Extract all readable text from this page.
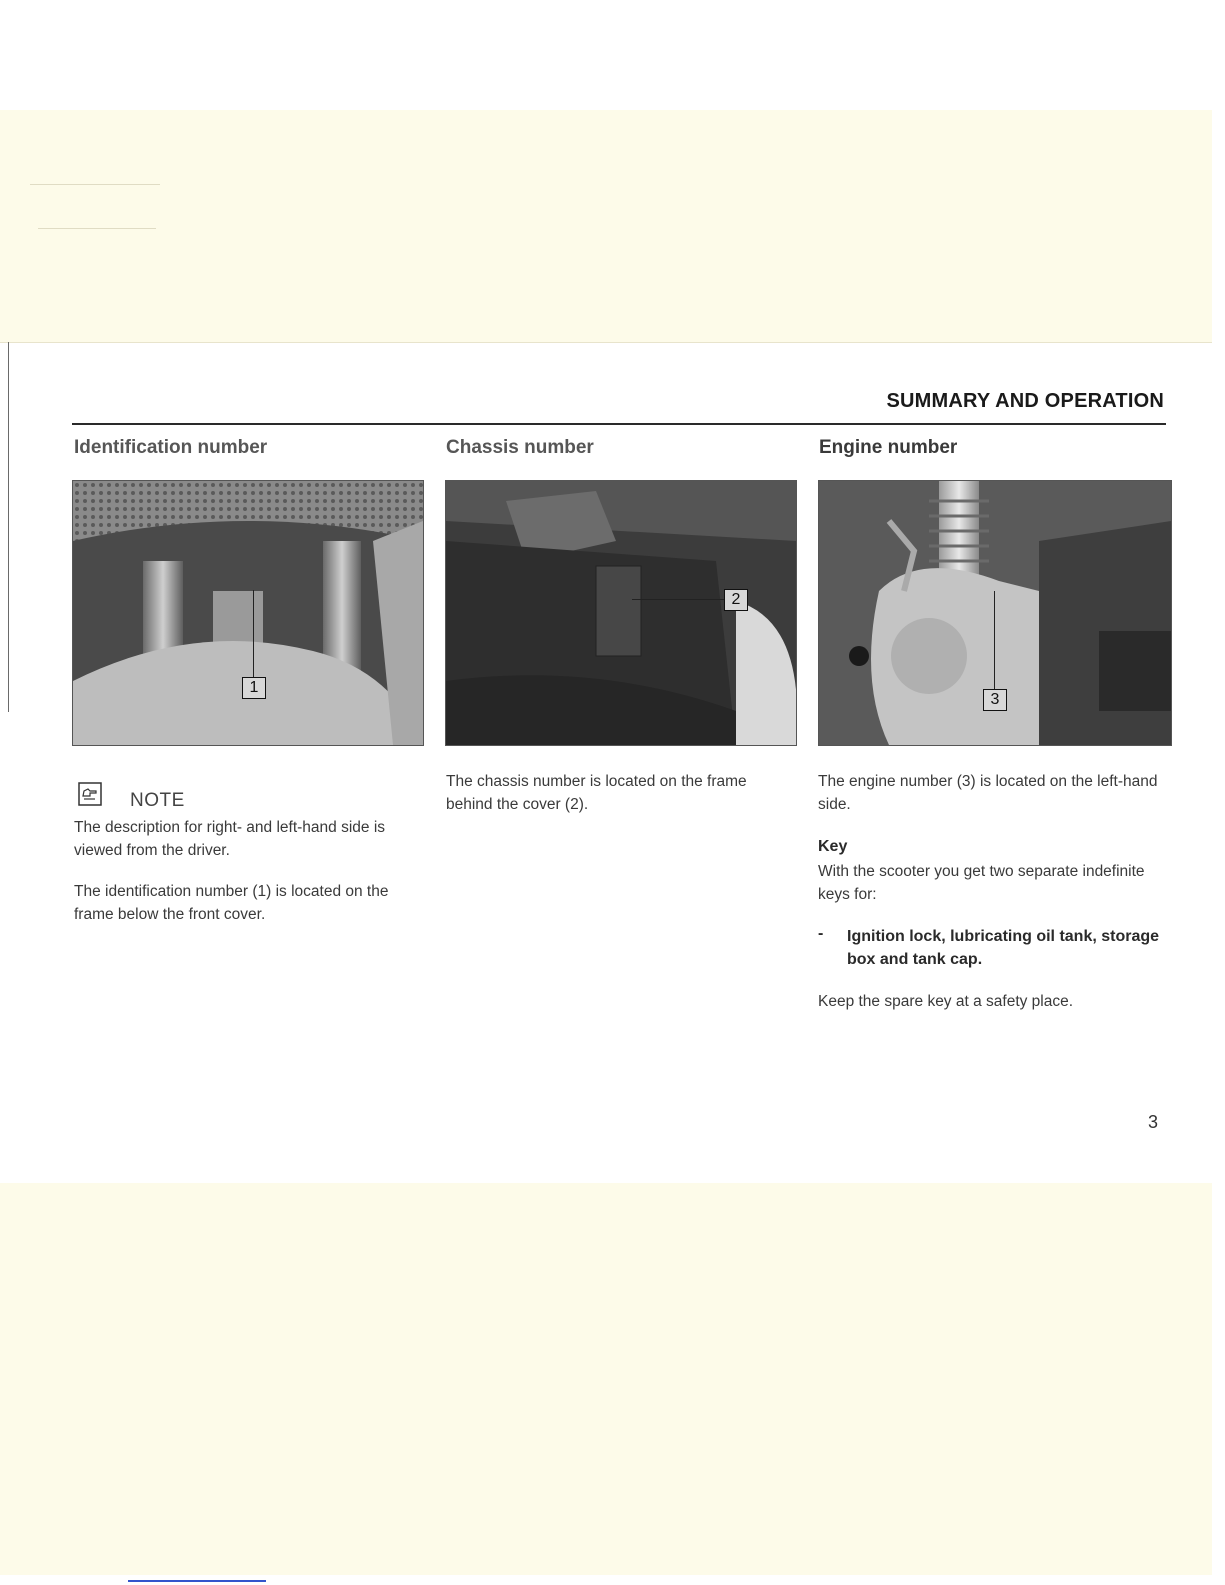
SUMMARY AND OPERATION
Identification number
1

NOTE

The description for right- and left-hand side is viewed from the driver.

The identification number (1) is located on the frame below the front cover.

Chassis number
2

The chassis number is located on the frame behind the cover (2).

Engine number
3

The engine number (3) is located on the left-hand side.

Key

With the scooter you get two separate indefinite keys for:

- Ignition lock, lubricating oil tank, storage box and tank cap.

Keep the spare key at a safety place.

3
